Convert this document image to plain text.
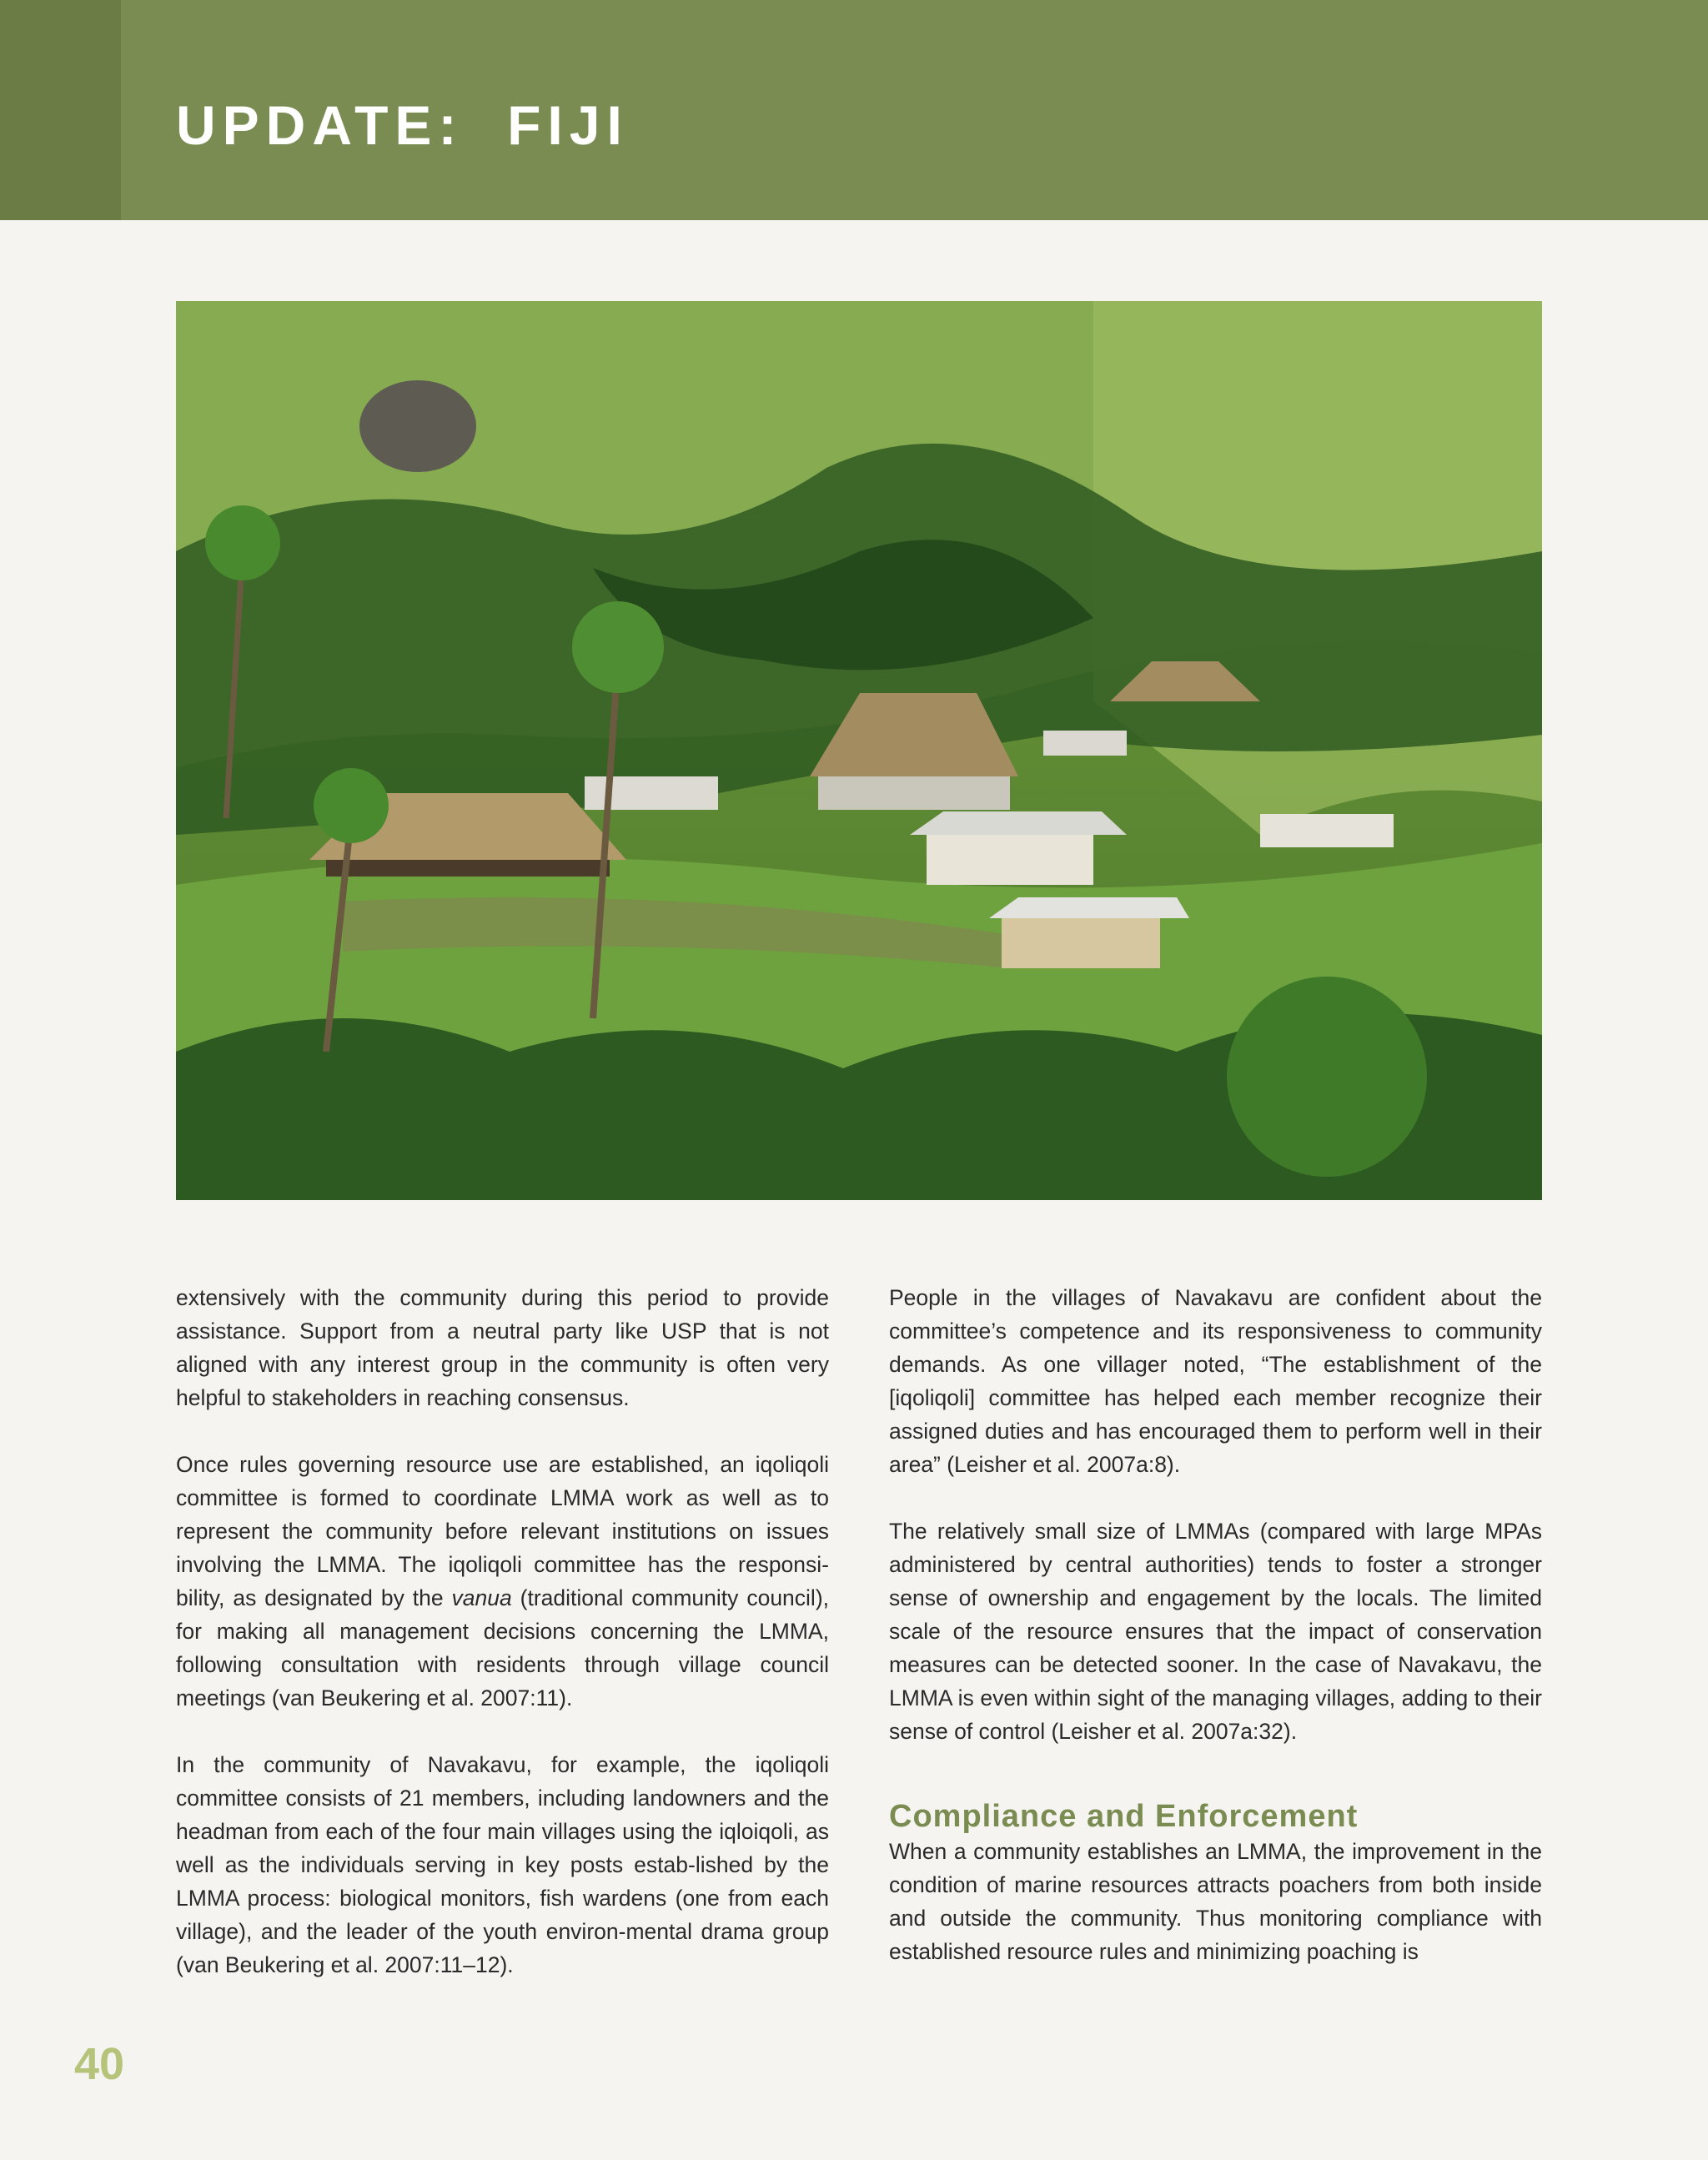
UPDATE:  FIJI

extensively with the community during this period to provide assistance. Support from a neutral party like USP that is not aligned with any interest group in the community is often very helpful to stakeholders in reaching consensus.

Once rules governing resource use are established, an iqoliqoli committee is formed to coordinate LMMA work as well as to represent the community before relevant institutions on issues involving the LMMA. The iqoliqoli committee has the responsi-bility, as designated by the vanua (traditional community council), for making all management decisions concerning the LMMA, following consultation with residents through village council meetings (van Beukering et al. 2007:11).

In the community of Navakavu, for example, the iqoliqoli committee consists of 21 members, including landowners and the headman from each of the four main villages using the iqloiqoli, as well as the individuals serving in key posts estab-lished by the LMMA process: biological monitors, fish wardens (one from each village), and the leader of the youth environ-mental drama group (van Beukering et al. 2007:11–12).

People in the villages of Navakavu are confident about the committee’s competence and its responsiveness to community demands. As one villager noted, “The establishment of the [iqoliqoli] committee has helped each member recognize their assigned duties and has encouraged them to perform well in their area” (Leisher et al. 2007a:8).

The relatively small size of LMMAs (compared with large MPAs administered by central authorities) tends to foster a stronger sense of ownership and engagement by the locals. The limited scale of the resource ensures that the impact of conservation measures can be detected sooner. In the case of Navakavu, the LMMA is even within sight of the managing villages, adding to their sense of control (Leisher et al. 2007a:32).

Compliance and Enforcement

When a community establishes an LMMA, the improvement in the condition of marine resources attracts poachers from both inside and outside the community. Thus monitoring compliance with established resource rules and minimizing poaching is

40
